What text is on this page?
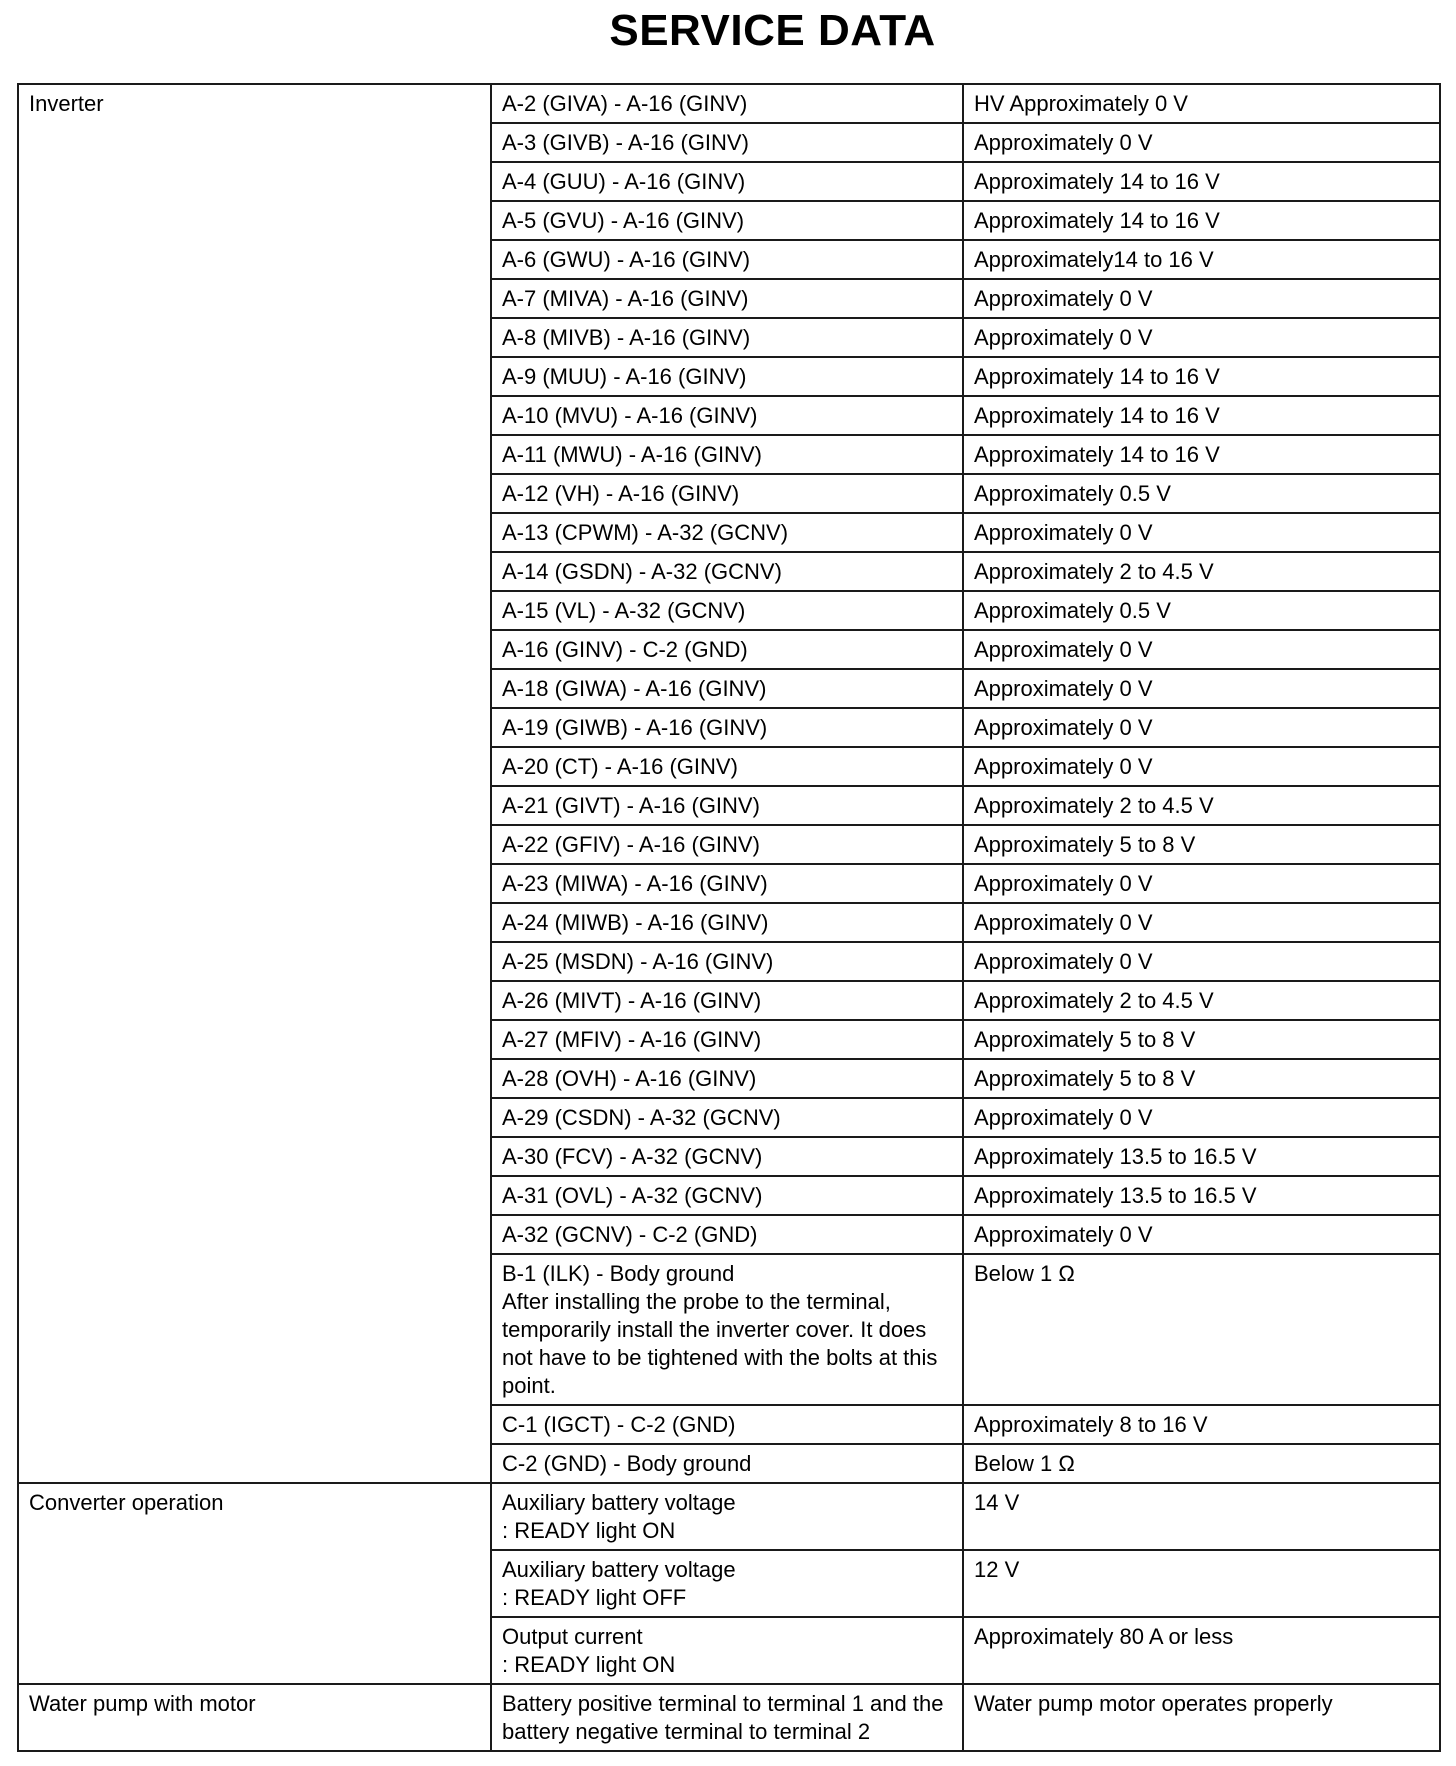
SERVICE DATA
Inverter	A-2 (GIVA) - A-16 (GINV)	HV Approximately 0 V
	A-3 (GIVB) - A-16 (GINV)	Approximately 0 V
	A-4 (GUU) - A-16 (GINV)	Approximately 14 to 16 V
	A-5 (GVU) - A-16 (GINV)	Approximately 14 to 16 V
	A-6 (GWU) - A-16 (GINV)	Approximately14 to 16 V
	A-7 (MIVA) - A-16 (GINV)	Approximately 0 V
	A-8 (MIVB) - A-16 (GINV)	Approximately 0 V
	A-9 (MUU) - A-16 (GINV)	Approximately 14 to 16 V
	A-10 (MVU) - A-16 (GINV)	Approximately 14 to 16 V
	A-11 (MWU) - A-16 (GINV)	Approximately 14 to 16 V
	A-12 (VH) - A-16 (GINV)	Approximately 0.5 V
	A-13 (CPWM) - A-32 (GCNV)	Approximately 0 V
	A-14 (GSDN) - A-32 (GCNV)	Approximately 2 to 4.5 V
	A-15 (VL) - A-32 (GCNV)	Approximately 0.5 V
	A-16 (GINV) - C-2 (GND)	Approximately 0 V
	A-18 (GIWA) - A-16 (GINV)	Approximately 0 V
	A-19 (GIWB) - A-16 (GINV)	Approximately 0 V
	A-20 (CT) - A-16 (GINV)	Approximately 0 V
	A-21 (GIVT) - A-16 (GINV)	Approximately 2 to 4.5 V
	A-22 (GFIV) - A-16 (GINV)	Approximately 5 to 8 V
	A-23 (MIWA) - A-16 (GINV)	Approximately 0 V
	A-24 (MIWB) - A-16 (GINV)	Approximately 0 V
	A-25 (MSDN) - A-16 (GINV)	Approximately 0 V
	A-26 (MIVT) - A-16 (GINV)	Approximately 2 to 4.5 V
	A-27 (MFIV) - A-16 (GINV)	Approximately 5 to 8 V
	A-28 (OVH) - A-16 (GINV)	Approximately 5 to 8 V
	A-29 (CSDN) - A-32 (GCNV)	Approximately 0 V
	A-30 (FCV) - A-32 (GCNV)	Approximately 13.5 to 16.5 V
	A-31 (OVL) - A-32 (GCNV)	Approximately 13.5 to 16.5 V
	A-32 (GCNV) - C-2 (GND)	Approximately 0 V
	B-1 (ILK) - Body ground
After installing the probe to the terminal, temporarily install the inverter cover. It does not have to be tightened with the bolts at this point.	Below 1 Ω
	C-1 (IGCT) - C-2 (GND)	Approximately 8 to 16 V
	C-2 (GND) - Body ground	Below 1 Ω
Converter operation	Auxiliary battery voltage
: READY light ON	14 V
	Auxiliary battery voltage
: READY light OFF	12 V
	Output current
: READY light ON	Approximately 80 A or less
Water pump with motor	Battery positive terminal to terminal 1 and the battery negative terminal to terminal 2	Water pump motor operates properly
